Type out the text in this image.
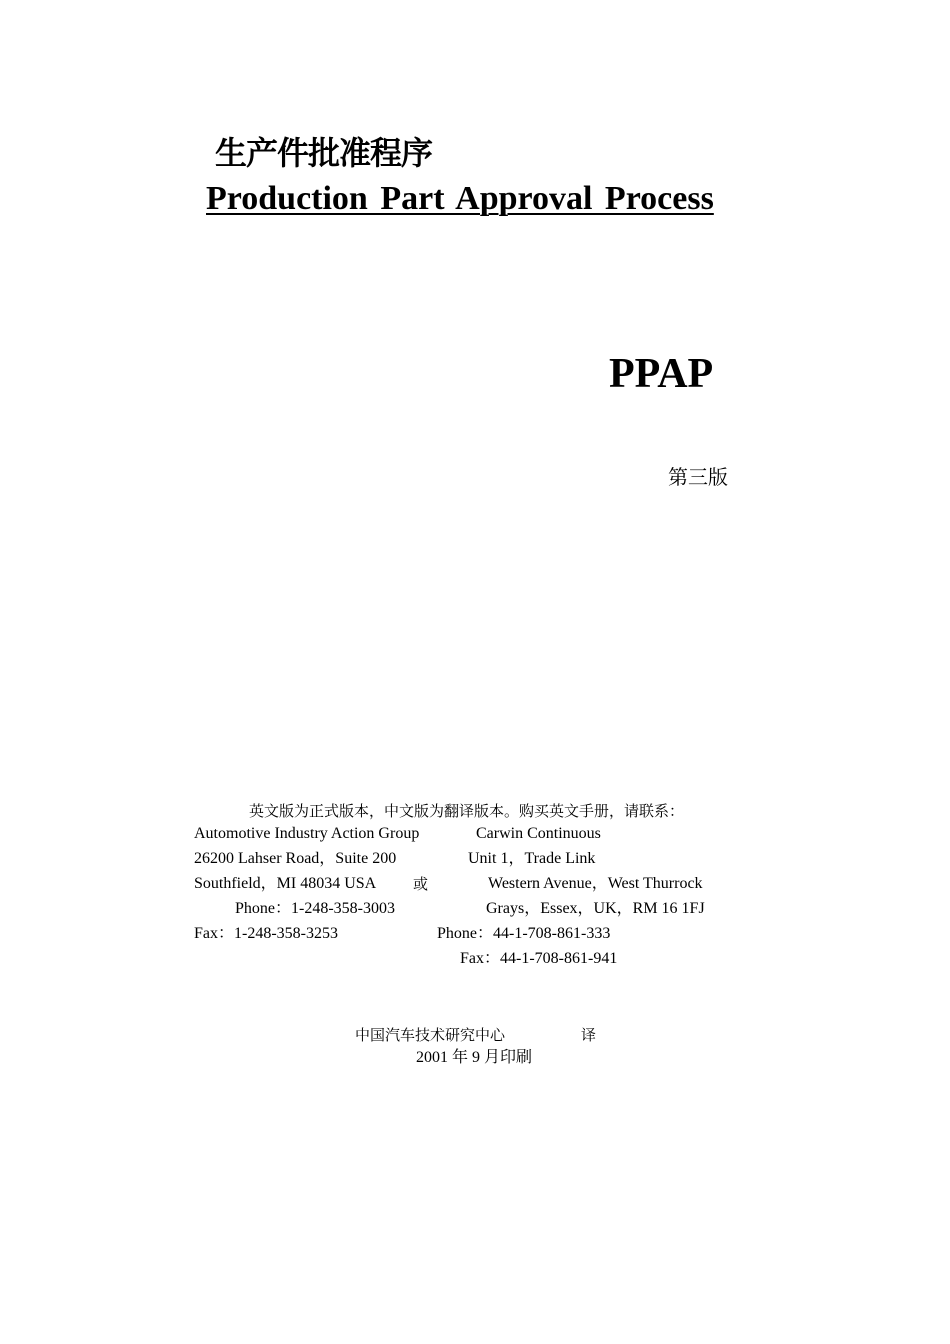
生产件批准程序
Production Part Approval Process
PPAP
第三版
英文版为正式版本，中文版为翻译版本。购买英文手册，请联系：
Automotive Industry Action Group	Carwin Continuous
26200 Lahser Road，Suite 200	Unit 1，Trade Link
Southfield，MI 48034 USA 或	Western Avenue，West Thurrock
Phone：1-248-358-3003	Grays，Essex，UK，RM 16 1FJ
Fax：1-248-358-3253	Phone：44-1-708-861-333
Fax：44-1-708-861-941
中国汽车技术研究中心	译
2001 年 9 月印刷
